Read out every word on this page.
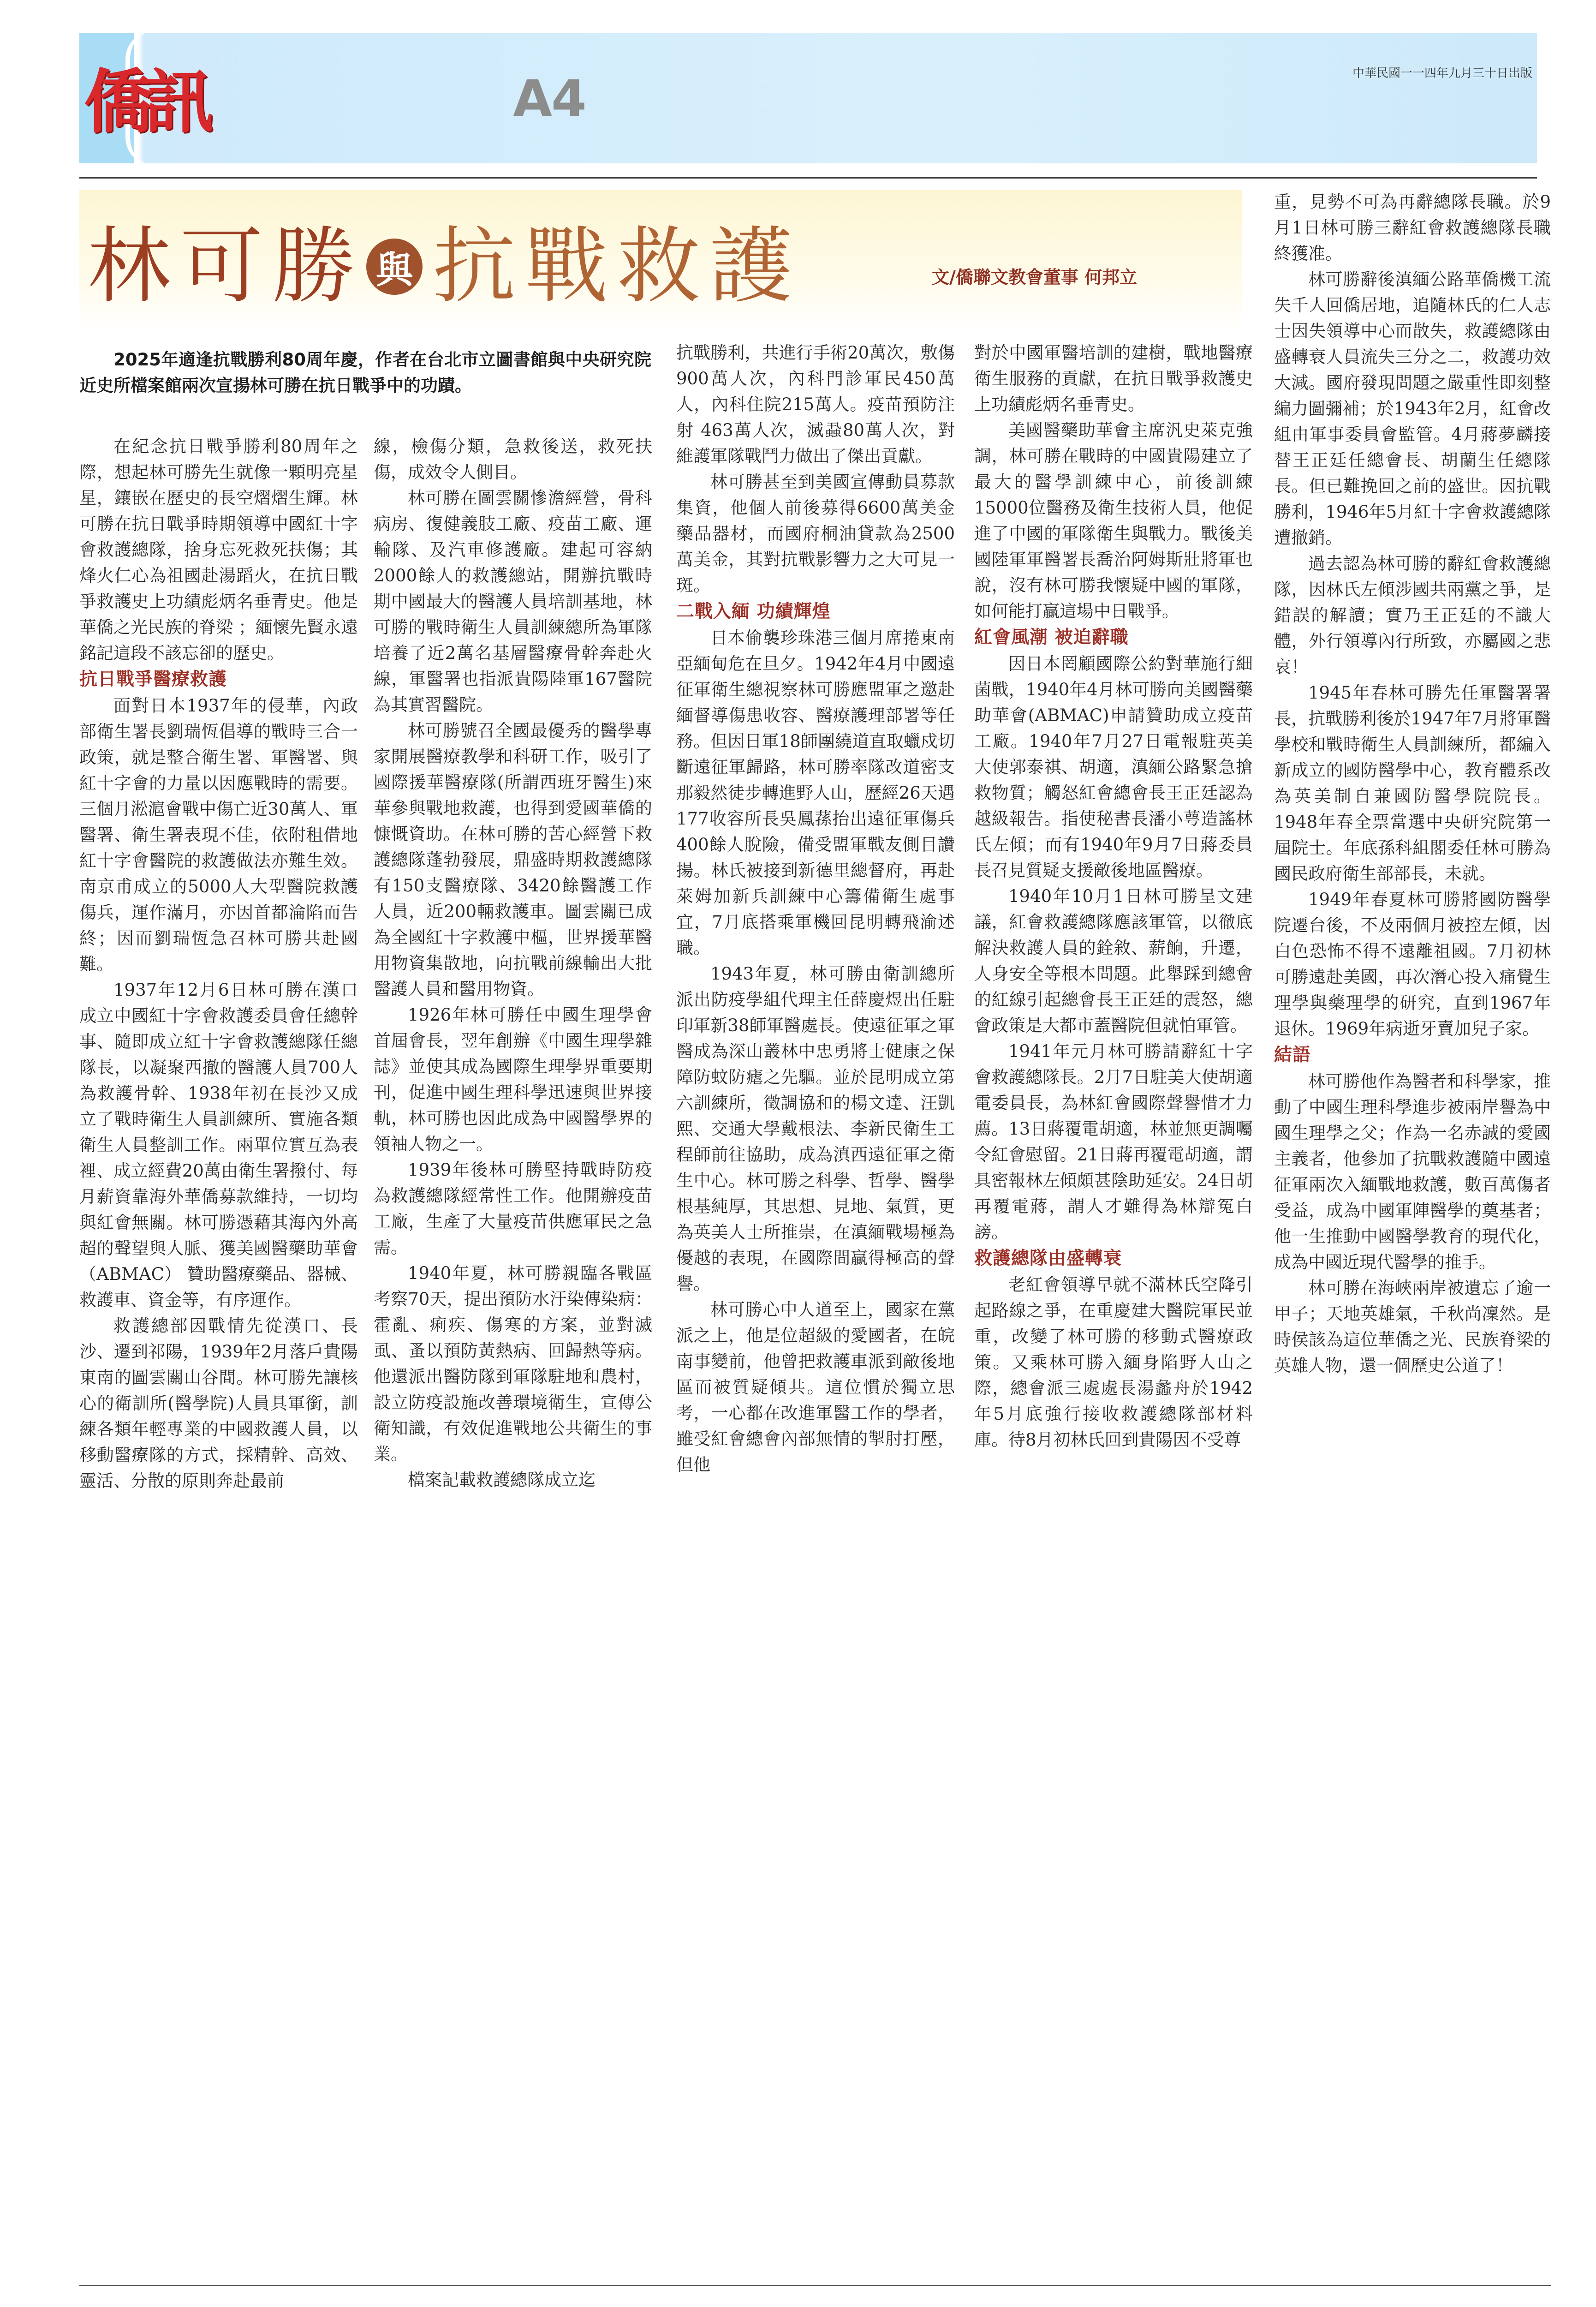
僑訊	A4	中華民國一一四年九月三十日出版
林可勝 與 抗戰救護	文/僑聯文教會董事 何邦立
2025年適逢抗戰勝利80周年慶，作者在台北市立圖書館與中央研究院近史所檔案館兩次宣揚林可勝在抗日戰爭中的功蹟。

在紀念抗日戰爭勝利80周年之際，想起林可勝先生就像一顆明亮星星，鑲嵌在歷史的長空熠熠生輝。林可勝在抗日戰爭時期領導中國紅十字會救護總隊，捨身忘死救死扶傷；其烽火仁心為祖國赴湯蹈火，在抗日戰爭救護史上功績彪炳名垂青史。他是華僑之光民族的脊梁 ；緬懷先賢永遠銘記這段不該忘卻的歷史。

抗日戰爭醫療救護

面對日本1937年的侵華，內政部衛生署長劉瑞恆倡導的戰時三合一政策，就是整合衛生署、軍醫署、與紅十字會的力量以因應戰時的需要。三個月淞滬會戰中傷亡近30萬人、軍醫署、衛生署表現不佳，依附租借地紅十字會醫院的救護做法亦難生效。南京甫成立的5000人大型醫院救護傷兵，運作滿月，亦因首都淪陷而告終；因而劉瑞恆急召林可勝共赴國難。

1937年12月6日林可勝在漢口成立中國紅十字會救護委員會任總幹事、隨即成立紅十字會救護總隊任總隊長，以凝聚西撤的醫護人員700人為救護骨幹、1938年初在長沙又成立了戰時衛生人員訓練所、實施各類衛生人員整訓工作。兩單位實互為表裡、成立經費20萬由衛生署撥付、每月薪資靠海外華僑募款維持，一切均與紅會無關。林可勝憑藉其海內外高超的聲望與人脈、獲美國醫藥助華會（ABMAC） 贊助醫療藥品、器械、救護車、資金等，有序運作。

救護總部因戰情先從漢口、長沙、遷到祁陽，1939年2月落戶貴陽東南的圖雲關山谷間。林可勝先讓核心的衛訓所(醫學院)人員具軍銜，訓練各類年輕專業的中國救護人員，以移動醫療隊的方式，採精幹、高效、靈活、分散的原則奔赴最前

線，檢傷分類，急救後送，救死扶傷，成效令人側目。

林可勝在圖雲關慘澹經營，骨科病房、復健義肢工廠、疫苗工廠、運輸隊、及汽車修護廠。建起可容納2000餘人的救護總站，開辦抗戰時期中國最大的醫護人員培訓基地，林可勝的戰時衛生人員訓練總所為軍隊培養了近2萬名基層醫療骨幹奔赴火線，軍醫署也指派貴陽陸軍167醫院為其實習醫院。

林可勝號召全國最優秀的醫學專家開展醫療教學和科研工作，吸引了國際援華醫療隊(所謂西班牙醫生)來華參與戰地救護，也得到愛國華僑的慷慨資助。在林可勝的苦心經營下救護總隊蓬勃發展，鼎盛時期救護總隊有150支醫療隊、3420餘醫護工作人員，近200輛救護車。圖雲關已成為全國紅十字救護中樞，世界援華醫用物資集散地，向抗戰前線輸出大批醫護人員和醫用物資。

1926年林可勝任中國生理學會首屆會長，翌年創辦《中國生理學雜誌》並使其成為國際生理學界重要期刊，促進中國生理科學迅速與世界接軌，林可勝也因此成為中國醫學界的領袖人物之一。

1939年後林可勝堅持戰時防疫為救護總隊經常性工作。他開辦疫苗工廠，生產了大量疫苗供應軍民之急需。

1940年夏，林可勝親臨各戰區考察70天，提出預防水汙染傳染病：霍亂、痢疾、傷寒的方案，並對滅虱、蚤以預防黃熱病、回歸熱等病。他還派出醫防隊到軍隊駐地和農村，設立防疫設施改善環境衛生，宣傳公衛知識，有效促進戰地公共衛生的事業。

檔案記載救護總隊成立迄

抗戰勝利，共進行手術20萬次，敷傷900萬人次，內科門診軍民450萬人，內科住院215萬人。疫苗預防注射 463萬人次，滅蝨80萬人次，對維護軍隊戰鬥力做出了傑出貢獻。

林可勝甚至到美國宣傳動員募款集資，他個人前後募得6600萬美金藥品器材，而國府桐油貸款為2500萬美金，其對抗戰影響力之大可見一斑。

二戰入緬 功績輝煌

日本偷襲珍珠港三個月席捲東南亞緬甸危在旦夕。1942年4月中國遠征軍衛生總視察林可勝應盟軍之邀赴緬督導傷患收容、醫療護理部署等任務。但因日軍18師團繞道直取蠟戍切斷遠征軍歸路，林可勝率隊改道密支那毅然徒步轉進野人山，歷經26天遇177收容所長吳鳳蓀抬出遠征軍傷兵400餘人脫險，備受盟軍戰友側目讚揚。林氏被接到新德里總督府，再赴萊姆加新兵訓練中心籌備衛生處事宜，7月底搭乘軍機回昆明轉飛渝述職。

1943年夏，林可勝由衛訓總所派出防疫學組代理主任薛慶煜出任駐印軍新38師軍醫處長。使遠征軍之軍醫成為深山叢林中忠勇將士健康之保障防蚊防瘧之先驅。並於昆明成立第六訓練所，徵調協和的楊文達、汪凱熙、交通大學戴根法、李新民衛生工程師前往協助，成為滇西遠征軍之衛生中心。林可勝之科學、哲學、醫學根基純厚，其思想、見地、氣質，更為英美人士所推崇，在滇緬戰場極為優越的表現，在國際間贏得極高的聲譽。

林可勝心中人道至上，國家在黨派之上，他是位超級的愛國者，在皖南事變前，他曾把救護車派到敵後地區而被質疑傾共。這位慣於獨立思考，一心都在改進軍醫工作的學者，雖受紅會總會內部無情的掣肘打壓，但他

對於中國軍醫培訓的建樹，戰地醫療衛生服務的貢獻，在抗日戰爭救護史上功績彪炳名垂青史。

美國醫藥助華會主席汎史萊克強調，林可勝在戰時的中國貴陽建立了最大的醫學訓練中心，前後訓練15000位醫務及衛生技術人員，他促進了中國的軍隊衛生與戰力。戰後美國陸軍軍醫署長喬治阿姆斯壯將軍也說，沒有林可勝我懷疑中國的軍隊，如何能打贏這場中日戰爭。

紅會風潮 被迫辭職

因日本罔顧國際公約對華施行細菌戰，1940年4月林可勝向美國醫藥助華會(ABMAC)申請贊助成立疫苗工廠。1940年7月27日電報駐英美大使郭泰祺、胡適，滇緬公路緊急搶救物質；觸怒紅會總會長王正廷認為越級報告。指使秘書長潘小萼造謠林氏左傾；而有1940年9月7日蔣委員長召見質疑支援敵後地區醫療。

1940年10月1日林可勝呈文建議，紅會救護總隊應該軍管，以徹底解決救護人員的銓敘、薪餉，升遷，人身安全等根本問題。此舉踩到總會的紅線引起總會長王正廷的震怒，總會政策是大都市蓋醫院但就怕軍管。

1941年元月林可勝請辭紅十字會救護總隊長。2月7日駐美大使胡適電委員長，為林紅會國際聲譽惜才力薦。13日蔣覆電胡適，林並無更調囑令紅會慰留。21日蔣再覆電胡適，謂具密報林左傾頗甚陰助延安。24日胡再覆電蔣，謂人才難得為林辯冤白謗。

救護總隊由盛轉衰

老紅會領導早就不滿林氏空降引起路線之爭，在重慶建大醫院軍民並重，改變了林可勝的移動式醫療政策。又乘林可勝入緬身陷野人山之際，總會派三處處長湯蠡舟於1942年5月底強行接收救護總隊部材料庫。待8月初林氏回到貴陽因不受尊

重，見勢不可為再辭總隊長職。於9月1日林可勝三辭紅會救護總隊長職終獲准。

林可勝辭後滇緬公路華僑機工流失千人回僑居地，追隨林氏的仁人志士因失領導中心而散失，救護總隊由盛轉衰人員流失三分之二，救護功效大減。國府發現問題之嚴重性即刻整編力圖彌補；於1943年2月，紅會改組由軍事委員會監管。4月蔣夢麟接替王正廷任總會長、胡蘭生任總隊長。但已難挽回之前的盛世。因抗戰勝利，1946年5月紅十字會救護總隊遭撤銷。

過去認為林可勝的辭紅會救護總隊，因林氏左傾涉國共兩黨之爭，是錯誤的解讀；實乃王正廷的不識大體，外行領導內行所致，亦屬國之悲哀！

1945年春林可勝先任軍醫署署長，抗戰勝利後於1947年7月將軍醫學校和戰時衛生人員訓練所，都編入新成立的國防醫學中心，教育體系改為英美制自兼國防醫學院院長。1948年春全票當選中央研究院第一屆院士。年底孫科組閣委任林可勝為國民政府衛生部部長，未就。

1949年春夏林可勝將國防醫學院遷台後，不及兩個月被控左傾，因白色恐怖不得不遠離祖國。7月初林可勝遠赴美國，再次潛心投入痛覺生理學與藥理學的研究，直到1967年退休。1969年病逝牙賣加兒子家。

結語

林可勝他作為醫者和科學家，推動了中國生理科學進步被兩岸譽為中國生理學之父；作為一名赤誠的愛國主義者，他參加了抗戰救護隨中國遠征軍兩次入緬戰地救護，數百萬傷者受益，成為中國軍陣醫學的奠基者；他一生推動中國醫學教育的現代化，成為中國近現代醫學的推手。

林可勝在海峽兩岸被遺忘了逾一甲子；天地英雄氣，千秋尚凜然。是時侯該為這位華僑之光、民族脊梁的英雄人物，還一個歷史公道了！
